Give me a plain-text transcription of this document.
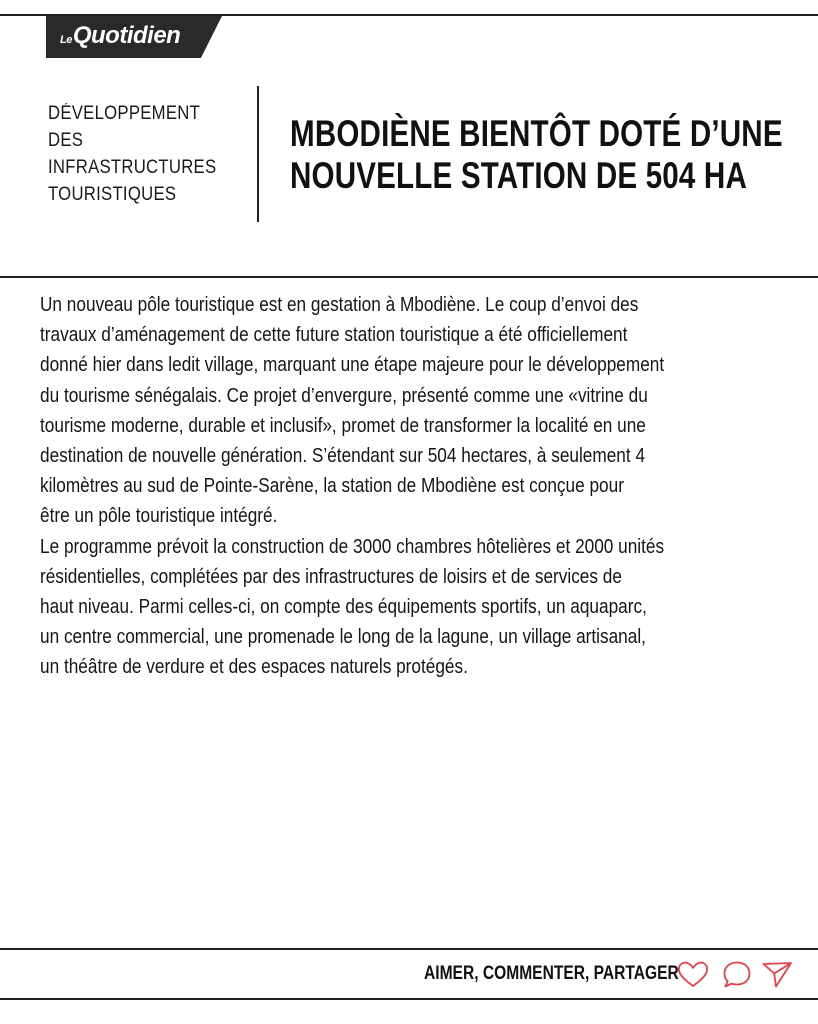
Le Quotidien
DÉVELOPPEMENT
DES
INFRASTRUCTURES
TOURISTIQUES
MBODIÈNE BIENTÔT DOTÉ D’UNE
NOUVELLE STATION DE 504 HA
Un nouveau pôle touristique est en gestation à Mbodiène. Le coup d’envoi des
travaux d’aménagement de cette future station touristique a été officiellement
donné hier dans ledit village, marquant une étape majeure pour le développement
du tourisme sénégalais. Ce projet d’envergure, présenté comme une «vitrine du
tourisme moderne, durable et inclusif», promet de transformer la localité en une
destination de nouvelle génération. S’étendant sur 504 hectares, à seulement 4
kilomètres au sud de Pointe-Sarène, la station de Mbodiène est conçue pour
être un pôle touristique intégré.
Le programme prévoit la construction de 3000 chambres hôtelières et 2000 unités
résidentielles, complétées par des infrastructures de loisirs et de services de
haut niveau. Parmi celles-ci, on compte des équipements sportifs, un aquaparc,
un centre commercial, une promenade le long de la lagune, un village artisanal,
un théâtre de verdure et des espaces naturels protégés.
AIMER, COMMENTER, PARTAGER
